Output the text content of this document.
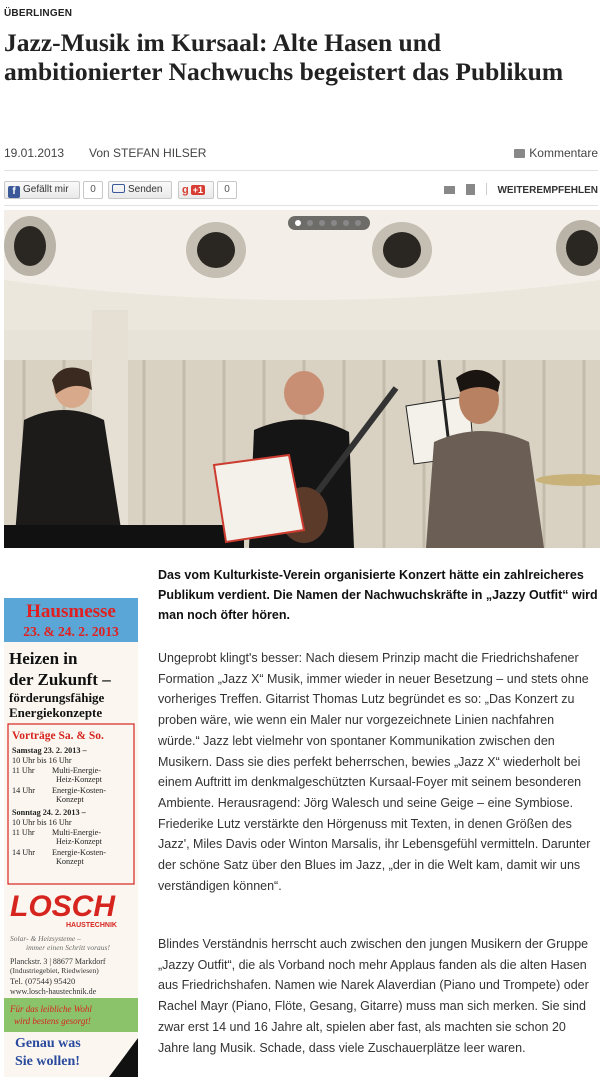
ÜBERLINGEN
Jazz-Musik im Kursaal: Alte Hasen und ambitionierter Nachwuchs begeistert das Publikum
19.01.2013 Von STEFAN HILSER	Kommentare
f Gefällt mir	0	Senden	g +1	0	WEITEREMPFEHLEN

Das vom Kulturkiste-Verein organisierte Konzert hätte ein zahlreicheres Publikum verdient. Die Namen der Nachwuchskräfte in „Jazzy Outfit“ wird man noch öfter hören.

Ungeprobt klingt's besser: Nach diesem Prinzip macht die Friedrichshafener Formation „Jazz X“ Musik, immer wieder in neuer Besetzung – und stets ohne vorheriges Treffen. Gitarrist Thomas Lutz begründet es so: „Das Konzert zu proben wäre, wie wenn ein Maler nur vorgezeichnete Linien nachfahren würde.“ Jazz lebt vielmehr von spontaner Kommunikation zwischen den Musikern. Dass sie dies perfekt beherrschen, bewies „Jazz X“ wiederholt bei einem Auftritt im denkmalgeschützten Kursaal-Foyer mit seinem besonderen Ambiente. Herausragend: Jörg Walesch und seine Geige – eine Symbiose. Friederike Lutz verstärkte den Hörgenuss mit Texten, in denen Größen des Jazz', Miles Davis oder Winton Marsalis, ihr Lebensgefühl vermitteln. Darunter der schöne Satz über den Blues im Jazz, „der in die Welt kam, damit wir uns verständigen können“.

Blindes Verständnis herrscht auch zwischen den jungen Musikern der Gruppe „Jazzy Outfit“, die als Vorband noch mehr Applaus fanden als die alten Hasen aus Friedrichshafen. Namen wie Narek Alaverdian (Piano und Trompete) oder Rachel Mayr (Piano, Flöte, Gesang, Gitarre) muss man sich merken. Sie sind zwar erst 14 und 16 Jahre alt, spielen aber fast, als machten sie schon 20 Jahre lang Musik. Schade, dass viele Zuschauerplätze leer waren.

Hausmesse
23. & 24. 2. 2013
Heizen in
der Zukunft –
förderungsfähige
Energiekonzepte
Vorträge Sa. & So.
Samstag 23. 2. 2013 –
10 Uhr bis 16 Uhr
11 Uhr Multi-Energie-
Heiz-Konzept
14 Uhr Energie-Kosten-
Konzept
Sonntag 24. 2. 2013 –
10 Uhr bis 16 Uhr
11 Uhr Multi-Energie-
Heiz-Konzept
14 Uhr Energie-Kosten-
Konzept
LOSCH
HAUSTECHNIK
Solar- & Heizsysteme –
immer einen Schritt voraus!
Planckstr. 3 | 88677 Markdorf
(Industriegebiet, Riedwiesen)
Tel. (07544) 95420
www.losch-haustechnik.de
Für das leibliche Wohl
wird bestens gesorgt!
Genau was
Sie wollen!
